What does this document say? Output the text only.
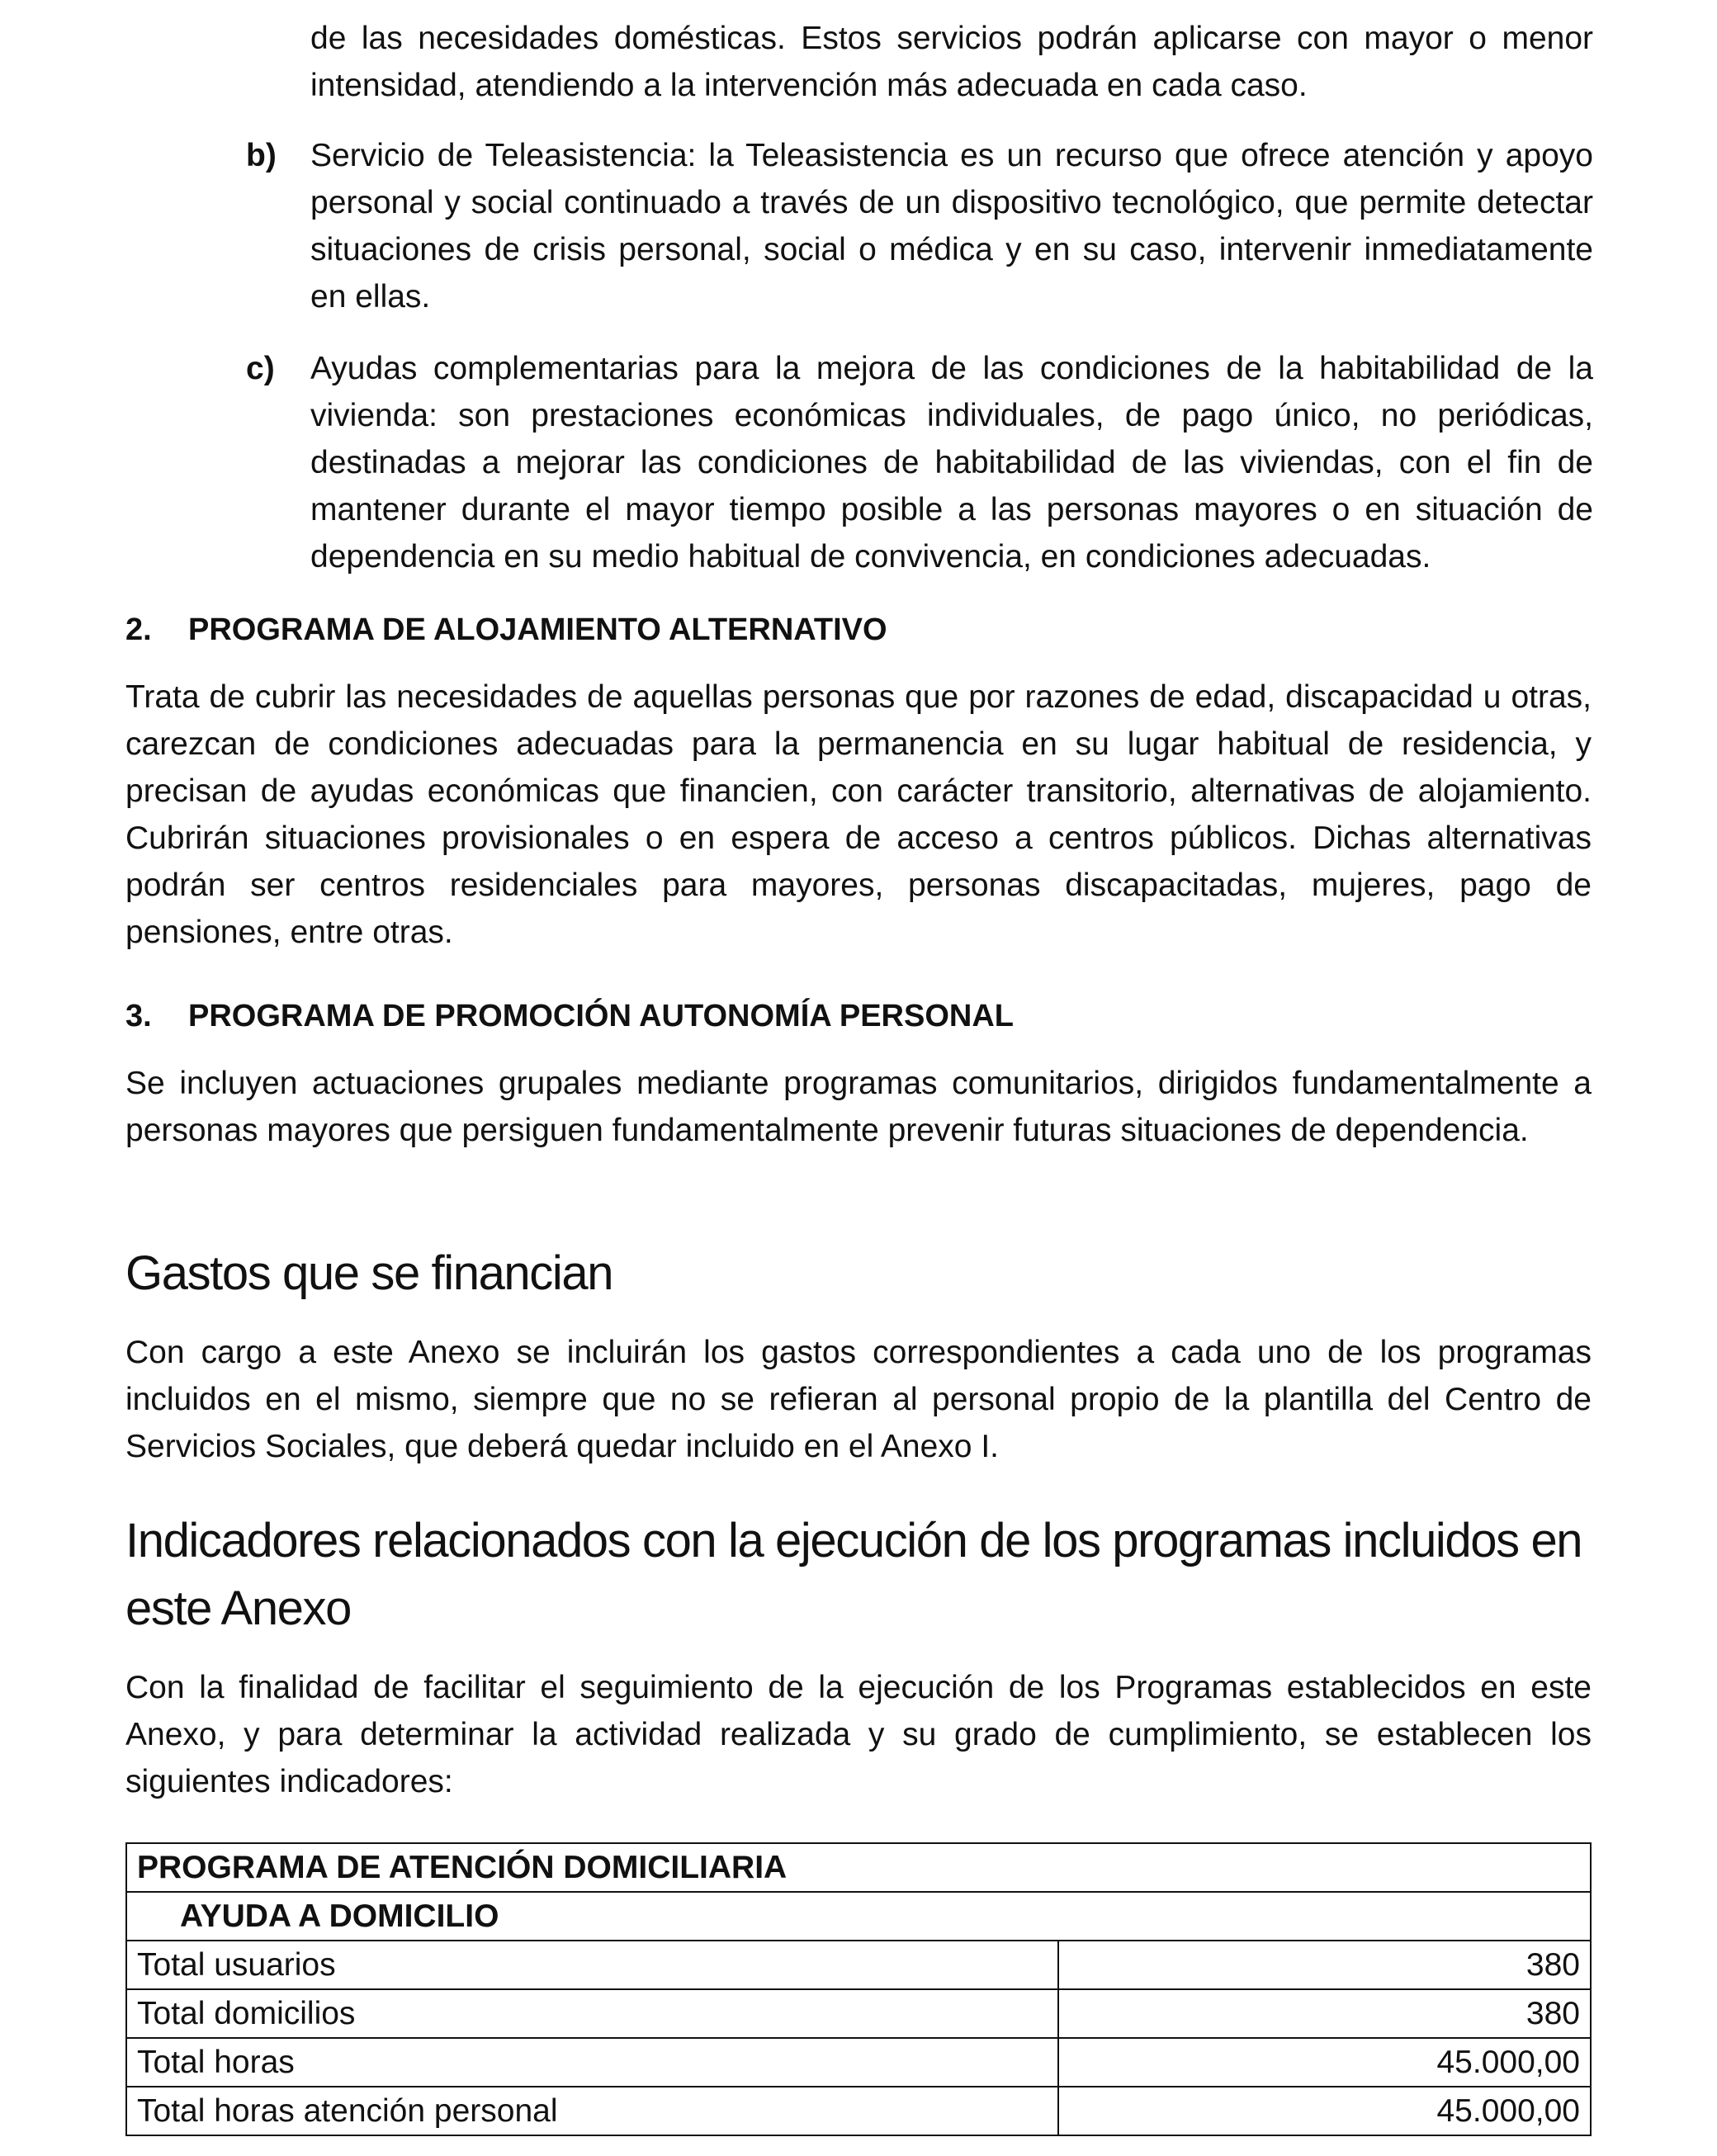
de las necesidades domésticas. Estos servicios podrán aplicarse con mayor o menor intensidad, atendiendo a la intervención más adecuada en cada caso.

b) Servicio de Teleasistencia: la Teleasistencia es un recurso que ofrece atención y apoyo personal y social continuado a través de un dispositivo tecnológico, que permite detectar situaciones de crisis personal, social o médica y en su caso, intervenir inmediatamente en ellas.

c) Ayudas complementarias para la mejora de las condiciones de la habitabilidad de la vivienda: son prestaciones económicas individuales, de pago único, no periódicas, destinadas a mejorar las condiciones de habitabilidad de las viviendas, con el fin de mantener durante el mayor tiempo posible a las personas mayores o en situación de dependencia en su medio habitual de convivencia, en condiciones adecuadas.

2. PROGRAMA DE ALOJAMIENTO ALTERNATIVO

Trata de cubrir las necesidades de aquellas personas que por razones de edad, discapacidad u otras, carezcan de condiciones adecuadas para la permanencia en su lugar habitual de residencia, y precisan de ayudas económicas que financien, con carácter transitorio, alternativas de alojamiento. Cubrirán situaciones provisionales o en espera de acceso a centros públicos. Dichas alternativas podrán ser centros residenciales para mayores, personas discapacitadas, mujeres, pago de pensiones, entre otras.

3. PROGRAMA DE PROMOCIÓN AUTONOMÍA PERSONAL

Se incluyen actuaciones grupales mediante programas comunitarios, dirigidos fundamentalmente a personas mayores que persiguen fundamentalmente prevenir futuras situaciones de dependencia.

Gastos que se financian

Con cargo a este Anexo se incluirán los gastos correspondientes a cada uno de los programas incluidos en el mismo, siempre que no se refieran al personal propio de la plantilla del Centro de Servicios Sociales, que deberá quedar incluido en el Anexo I.

Indicadores relacionados con la ejecución de los programas incluidos en este Anexo

Con la finalidad de facilitar el seguimiento de la ejecución de los Programas establecidos en este Anexo, y para determinar la actividad realizada y su grado de cumplimiento, se establecen los siguientes indicadores:

PROGRAMA DE ATENCIÓN DOMICILIARIA	
AYUDA A DOMICILIO	
Total usuarios	380
Total domicilios	380
Total horas	45.000,00
Total horas atención personal	45.000,00
